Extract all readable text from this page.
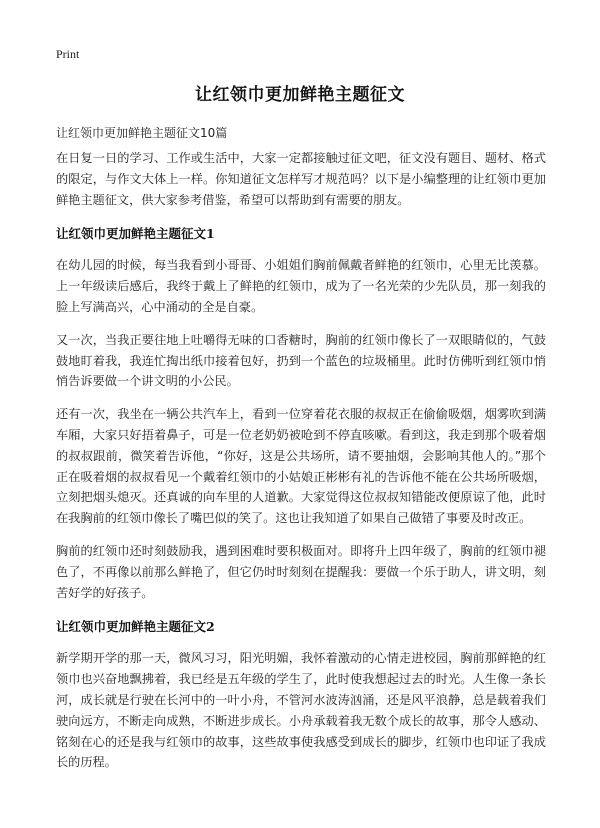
Print
让红领巾更加鲜艳主题征文
让红领巾更加鲜艳主题征文10篇

在日复一日的学习、工作或生活中，大家一定都接触过征文吧，征文没有题目、题材、格式的限定，与作文大体上一样。你知道征文怎样写才规范吗？以下是小编整理的让红领巾更加鲜艳主题征文，供大家参考借鉴，希望可以帮助到有需要的朋友。

让红领巾更加鲜艳主题征文1

在幼儿园的时候，每当我看到小哥哥、小姐姐们胸前佩戴者鲜艳的红领巾，心里无比羡慕。上一年级读后感后，我终于戴上了鲜艳的红领巾，成为了一名光荣的少先队员，那一刻我的脸上写满高兴，心中涌动的全是自豪。

又一次，当我正要往地上吐嚼得无味的口香糖时，胸前的红领巾像长了一双眼睛似的，气鼓鼓地盯着我，我连忙掏出纸巾接着包好，扔到一个蓝色的垃圾桶里。此时仿佛听到红领巾悄悄告诉要做一个讲文明的小公民。

还有一次，我坐在一辆公共汽车上，看到一位穿着花衣服的叔叔正在偷偷吸烟，烟雾吹到满车厢，大家只好捂着鼻子，可是一位老奶奶被呛到不停直咳嗽。看到这，我走到那个吸着烟的叔叔跟前，微笑着告诉他，“你好，这是公共场所，请不要抽烟，会影响其他人的。”那个正在吸着烟的叔叔看见一个戴着红领巾的小姑娘正彬彬有礼的告诉他不能在公共场所吸烟，立刻把烟头熄灭。还真诚的向车里的人道歉。大家觉得这位叔叔知错能改便原谅了他，此时在我胸前的红领巾像长了嘴巴似的笑了。这也让我知道了如果自己做错了事要及时改正。

胸前的红领巾还时刻鼓励我，遇到困难时要积极面对。即将升上四年级了，胸前的红领巾褪色了，不再像以前那么鲜艳了，但它仍时时刻刻在提醒我：要做一个乐于助人，讲文明，刻苦好学的好孩子。

让红领巾更加鲜艳主题征文2

新学期开学的那一天，微风习习，阳光明媚，我怀着激动的心情走进校园，胸前那鲜艳的红领巾也兴奋地飘拂着，我已经是五年级的学生了，此时使我想起过去的时光。人生像一条长河，成长就是行驶在长河中的一叶小舟，不管河水波涛汹涌，还是风平浪静，总是载着我们驶向远方，不断走向成熟，不断进步成长。小舟承载着我无数个成长的故事，那令人感动、铭刻在心的还是我与红领巾的故事，这些故事使我感受到成长的脚步，红领巾也印证了我成长的历程。
